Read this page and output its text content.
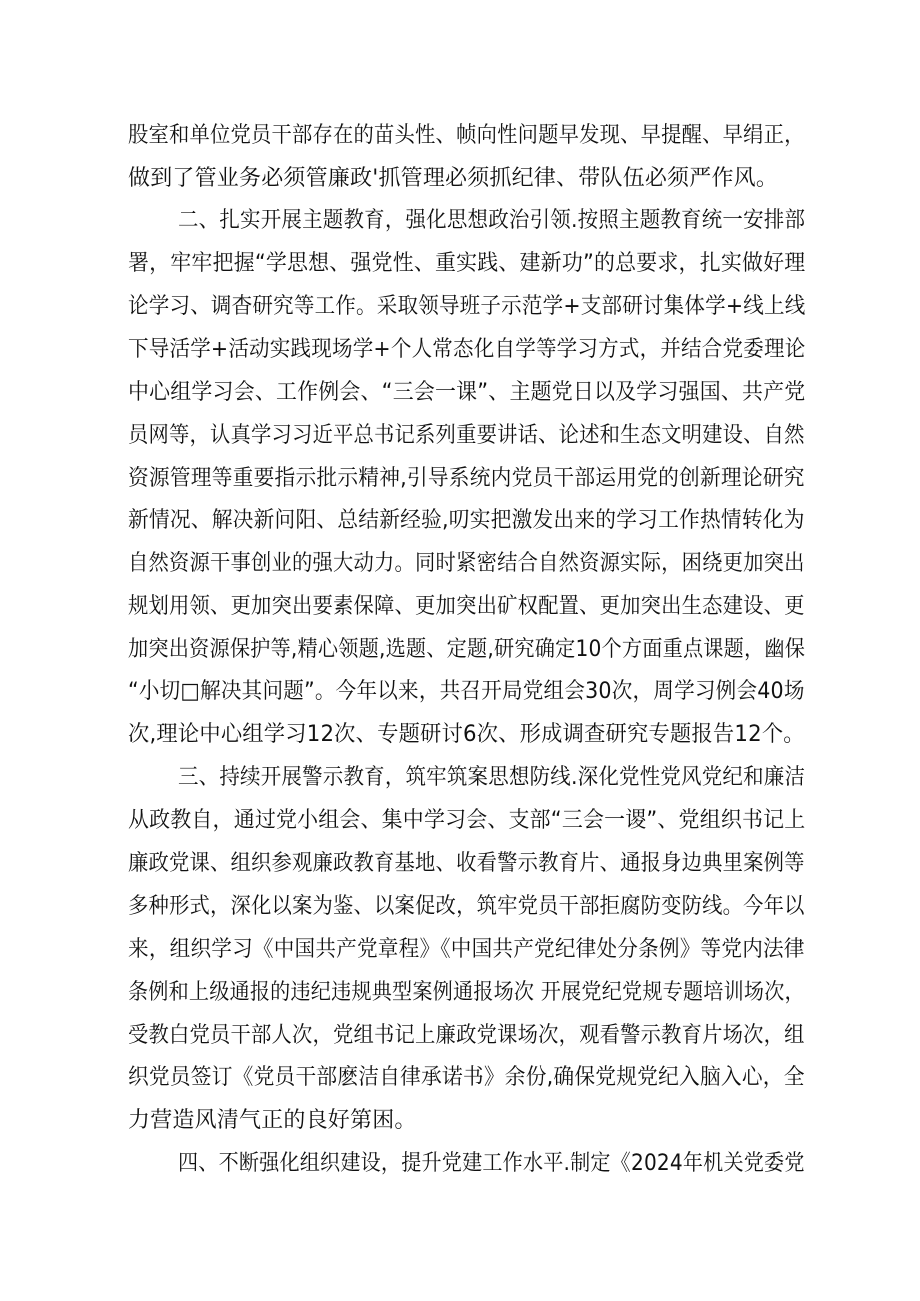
股室和单位党员干部存在的苗头性、帧向性问题早发现、早提醒、早绢正，
做到了管业务必须管廉政'抓管理必须抓纪律、带队伍必须严作风。
二、扎实开展主题教育，强化思想政治引领.按照主题教育统一安排部
署，牢牢把握“学思想、强党性、重实践、建新功”的总要求，扎实做好理
论学习、调杳研究等工作。采取领导班子示范学+支部研讨集体学+线上线
下导活学+活动实践现场学+个人常态化自学等学习方式，并结合党委理论
中心组学习会、工作例会、“三会一课”、主题党日以及学习强国、共产党
员网等，认真学习习近平总书记系列重要讲话、论述和生态文明建设、自然
资源管理等重要指示批示精神,引导系统内党员干部运用党的创新理论研究
新情况、解决新问阳、总结新经验,叨实把激发出来的学习工作热情转化为
自然资源干事创业的强大动力。同时紧密结合自然资源实际，困绕更加突出
规划用领、更加突出要素保障、更加突出矿权配置、更加突出生态建设、更
加突出资源保护等,精心领题,选题、定题,研究确定10个方面重点课题，幽保
“小切□解决其问题”。今年以来，共召开局党组会30次，周学习例会40场
次,理论中心组学习12次、专题研讨6次、形成调查研究专题报告12个。
三、持续开展警示教育，筑牢筑案思想防线.深化党性党风党纪和廉洁
从政教自，通过党小组会、集中学习会、支部“三会一谡”、党组织书记上
廉政党课、组织参观廉政教育基地、收看警示教育片、通报身边典里案例等
多种形式，深化以案为鉴、以案促改，筑牢党员干部拒腐防变防线。今年以
来，组织学习《中国共产党章程》《中国共产党纪律处分条例》等党内法律
条例和上级通报的违纪违规典型案例通报场次 开展党纪党规专题培训场次，
受教白党员干部人次，党组书记上廉政党课场次，观看警示教育片场次，组
织党员签订《党员干部麽洁自律承诺书》余份,确保党规党纪入脑入心，全
力营造风清气正的良好第困。
四、不断强化组织建设，提升党建工作水平.制定《2024年机关党委党
